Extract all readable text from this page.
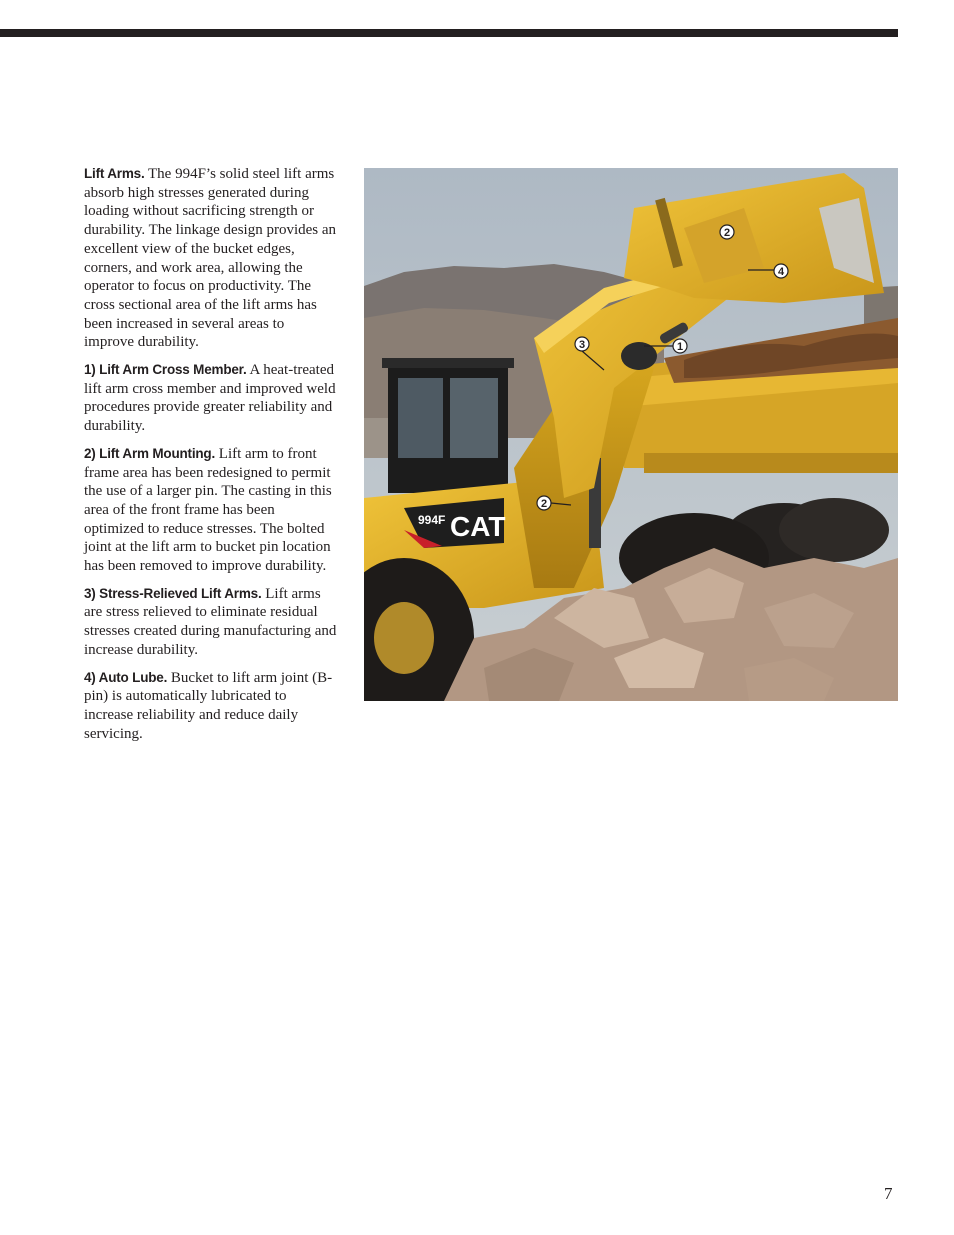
Lift Arms. The 994F’s solid steel lift arms absorb high stresses generated during loading without sacrificing strength or durability. The linkage design provides an excellent view of the bucket edges, corners, and work area, allowing the operator to focus on productivity. The cross sectional area of the lift arms has been increased in several areas to improve durability.

1) Lift Arm Cross Member. A heat-treated lift arm cross member and improved weld procedures provide greater reliability and durability.

2) Lift Arm Mounting. Lift arm to front frame area has been redesigned to permit the use of a larger pin. The casting in this area of the front frame has been optimized to reduce stresses. The bolted joint at the lift arm to bucket pin location has been removed to improve durability.

3) Stress-Relieved Lift Arms. Lift arms are stress relieved to eliminate residual stresses created during manufacturing and increase durability.

4) Auto Lube. Bucket to lift arm joint (B-pin) is automatically lubricated to increase reliability and reduce daily servicing.

994F CAT
2
4
3	1
2
7
